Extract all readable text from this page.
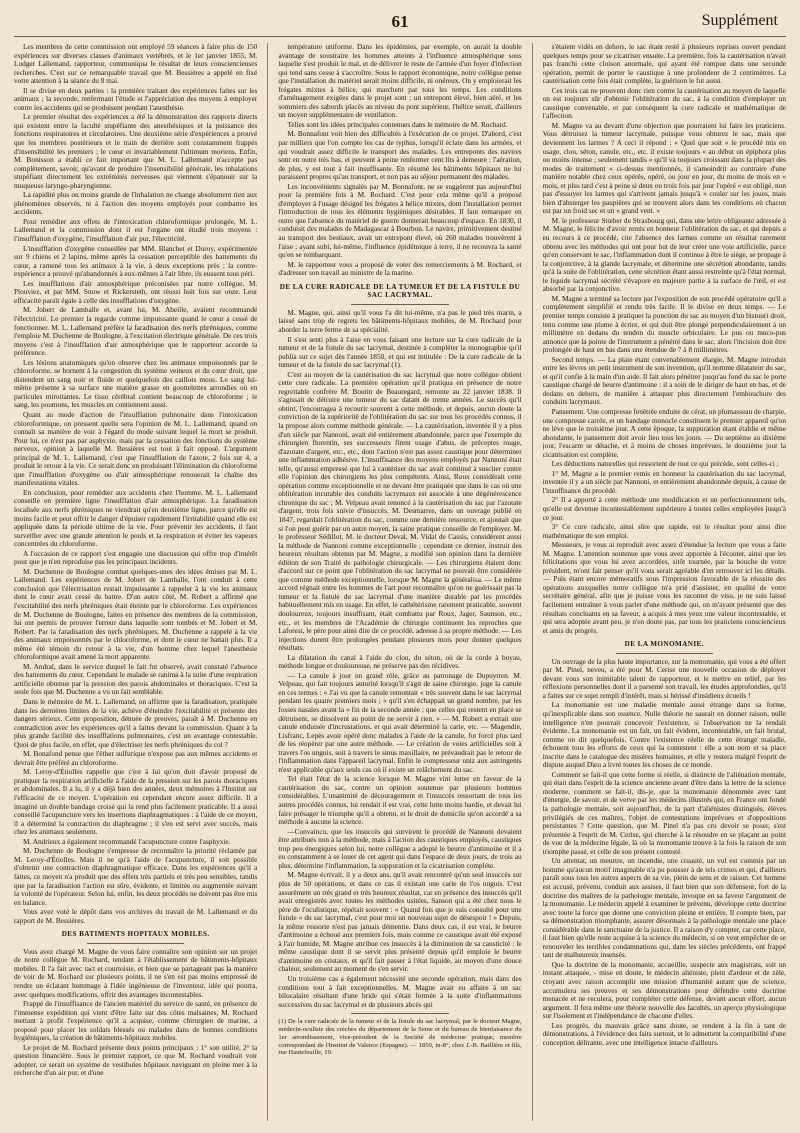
61	Supplément

Les membres de cette commission ont employé 59 séances à faire plus de 150 expériences sur diverses classes d'animaux vertébrés, et le 1er janvier 1855, M. Ludger Lallemand, rapporteur, communiqua le résultat de leurs consciencieuses recherches. C'est sur ce remarquable travail que M. Bessières a appelé en fixé votre attention à la séance du 8 mai.

Il se divise en deux parties : la première traitant des expériences faites sur les animaux ; la seconde, renfermant l'étude et l'appréciation des moyens à employer contre les accidents qui se produisent pendant l'anesthésie.

Le premier résultat des expériences a été la démonstration des rapports directs qui existent entre la faculté stupéfiante des anesthésiques et la puissance des fonctions respiratoires et circulatoires. Une deuxième série d'expériences a prouvé que les membres postérieurs et le train de derrière sont constamment frappés d'insensibilité les premiers ; le cœur et invariablement l'ultimum moriens. Enfin, M. Bonisson a établi ce fait important que M. L. Lallemand n'accepte pas complètement, savoir, qu'avant de produire l'insensibilité générale, les inhalations stupéfiant directement les extrémités nerveuses qui viennent s'épanouir sur la muqueuse laryngo-pharyngienne.

La rapidité plus ou moins grande de l'inhalation ne change absolument rien aux phénomènes observés, ni à l'action des moyens employés pour combattre les accidents.

Pour remédier aux effets de l'intoxication chloroformique prolongée, M. L. Lallemand et la commission dont il est l'organe ont étudié trois moyens : l'insufflation d'oxygène, l'insufflation d'air pur, l'électricité.

L'insufflation d'oxygène conseillée par MM. Blanchet et Duroy, expérimentée sur 9 chiens et 2 lapins, même après la cessation perceptible des battements du cœur, a ramené tous les animaux à la vie, à deux exceptions près ; la contre-expérience a prouvé qu'abandonnés à eux-mêmes à l'air libre, ils eussent tous péri.

Les insufflations d'air atmosphérique préconisées par notre collègue, M. Plouviez, et par MM. Snow et Rickersteth, ont réussi huit fois sur onze. Leur efficacité paraît égale à celle des insufflations d'oxygène.

M. Jobert de Lamballe et, avant lui, M. Abeille, avaient recommandé l'électricité. Le premier la regarde comme impuissante quand le cœur a cessé de fonctionner. M. L. Lallemand préfère la faradisation des nerfs phréniques, comme l'emploie M. Duchenne de Boulogne, à l'excitation électrique générale. De ces trois moyens c'est à l'insufflation d'air atmosphérique que le rapporteur accorde la préférence.

Les lésions anatomiques qu'on observe chez les animaux empoisonnés par le chloroforme, se bornent à la congestion du système veineux et du cœur droit, que distendent un sang noir et fluide et quelquefois des caillots mous. Le sang lui-même présente à sa surface une matière grasse en gouttelettes arrondies où en particules miroitantes. Le tissu cérébral contient beaucoup de chloroforme ; le sang, les poumons, les muscles en contiennent aussi.

Quant au mode d'action de l'insufflation pulmonaire dans l'intoxication chloroformique, on pressent quelle sera l'opinion de M. L. Lallemand, quand on connaît sa manière de voir à l'égard du mode suivant lequel la mort se produit. Pour lui, ce n'est pas par asphyxie, mais par la cessation des fonctions du système nerveux, opinion à laquelle M. Bessières est tout à fait opposé. L'argument principal de M. L. Lallemand, c'est que l'insufflation de l'azote, 2 fois sur 4, a produit le retour à la vie. Ce serait donc en produisant l'élimination du chloroforme que l'insufflation d'oxygène ou d'air atmosphérique renouerait la chaîne des manifestations vitales.

En conclusion, pour remédier aux accidents chez l'homme, M. L. Lallemand conseille en première ligne l'insufflation d'air atmosphérique. La faradisation localisée aux nerfs phréniques ne viendrait qu'en deuxième ligne, parce qu'elle est moins facile et peut offrir le danger d'épuiser rapidement l'irritabilité quand elle est appliquée dans la période ultime de la vie. Pour prévenir les accidents, il faut surveiller avec une grande attention le pouls et la respiration et éviter les vapeurs concentrées du chloroforme.

A l'occasion de ce rapport s'est engagée une discussion qui offre trop d'intérêt pour que je n'en reproduise pas les principaux incidents.

M. Duchenne de Boulogne combat quelques-unes des idées émises par M. L. Lallemand. Les expériences de M. Jobert de Lamballe, l'ont conduit à cette conclusion que l'électrisation restait impuissante à rappeler à la vie les animaux dont le cœur avait cessé de battre. D'un autre côté, M. Robert a affirmé que l'excitabilité des nerfs phréniques était éteinte par le chloroforme. Les expériences de M. Duchenne de Boulogne, faites en présence des membres de la commission, lui ont permis de prouver l'erreur dans laquelle sont tombés et M. Jobert et M. Robert. Par la faradisation des nerfs phréniques, M. Duchenne a rappelé à la vie des animaux empoisonnés par le chloroforme, et dont le cœur ne battait plus. Il a même été témoin du retour à la vie, d'un homme chez lequel l'anesthésie chloroformique avait amené la mort apparente.

M. Andral, dans le service duquel le fait fut observé, avait constaté l'absence des battements du cœur. Cependant le malade se ranima à la suite d'une respiration artificielle obtenue par la pression des parois abdominales et thoraciques. C'est la seule fois que M. Duchenne a vu un fait semblable.

Dans le mémoire de M. L. Lallemand, on affirme que la faradisation, pratiquée dans les dernières limites de la vie, achève d'éteindre l'excitabilité et présente des dangers sérieux. Cette proposition, dénuée de preuves, paraît à M. Duchenne en contradiction avec les expériences qu'il a faites devant la commission. Quant à la plus grande facilité des insufflations pulmonaires, c'est un avantage contestable. Quoi de plus facile, en effet, que d'électriser les nerfs phréniques du col ?

M. Bonafond pense que l'éther sulfurique n'expose pas aux mêmes accidents et devrait être préféré au chloroforme.

M. Leroy-d'Étiolles rappelle que c'est à lui qu'on doit d'avoir proposé de pratiquer la respiration artificielle à l'aide de la pression sur les parois thoraciques et abdominales. Il a lu, il y a déjà bien des années, deux mémoires à l'Institut sur l'efficacité de ce moyen. L'opération est cependant encore assez difficile. Il a imaginé un double bandage croisé qui la rend plus facilement praticable. Il a aussi conseillé l'acupuncture vers les insertions diaphragmatiques : à l'aide de ce moyen, il a déterminé la contraction du diaphragme ; il s'en est servi avec succès, mais chez les animaux seulement.

M. Andrieux a également recommandé l'acupuncture contre l'asphyxie.

M. Duchenne de Boulogne s'empresse de reconnaître la priorité réclamée par M. Leroy-d'Étiolles. Mais il ne qu'à l'aide de l'acupuncture, il soit possible d'obtenir une contraction diaphragmatique efficace. Dans les expériences qu'il a faites, ce moyen n'a produit que des effets très partiels et très peu sensibles, tandis que par la faradisation l'action est sûre, évidente, et limitée ou augmentée suivant la volonté de l'opérateur. Selon lui, enfin, les deux procédés ne doivent pas être mis en balance.

Vous avez voté le dépôt dans vos archives du travail de M. Lallemand et du rapport de M. Bessières.

DES BATIMENTS HOPITAUX MOBILES.

Vous avez chargé M. Magne de vous faire connaître son opinion sur un projet de notre collègue M. Rochard, tendant à l'établissement de bâtiments-hôpitaux mobiles. Il l'a fait avec tact et courtoisie, et bien que se partageant pas la manière de voir de M. Rochard sur plusieurs points, il ne s'en est pas moins empressé de rendre un éclatant hommage à l'idée ingénieuse de l'inventeur, idée qui pourra, avec quelques modifications, offrir des avantages incontestables.

Frappé de l'insuffisance de l'ancien matériel du service de santé, en présence de l'immense expédition qui vient d'être faite sur des côtes malsaines, M. Rochard mettant à profit l'expérience qu'il a acquise, comme chirurgien de marine, a proposé pour placer les soldats blessés ou malades dans de bonnes conditions hygiéniques, la création de bâtiments-hôpitaux mobiles.

Le projet de M. Rochard présente deux points principaux : 1° son utilité, 2° la question financière. Sous le premier rapport, ce que M. Rochard voudrait voir adopter, ce serait un système de vestibules hôpitaux naviguant en pleine mer à la recherche d'un air pur, et d'une

température uniforme. Dans les épidémies, par exemple, on aurait la double avantage de soustraire les hommes atteints à l'influence atmosphérique sous laquelle s'est produit le mal, et de délivrer le reste de l'armée d'un foyer d'infection qui tend sans cesse à s'accroître. Sous le rapport économique, notre collègue pense que l'installation du matériel serait moins difficile, ni onéreux. On y emploierait les frégates mixtes à hélice, qui marchent par tous les temps. Les conditions d'aménagement exigées dans le projet sont : un entrepont élevé, bien aéré, et les sommiers des sabords placés au niveau du pont supérieur, l'hélice serait, d'ailleurs un moyen supplémentaire de ventilation.

Telles sont les idées principales contenues dans le mémoire de M. Rochard.

M. Bonnafont voit bien des difficultés à l'exécution de ce projet. D'abord, c'est par milliers que l'on compte les cas de typhus, lorsqu'il éclate dans les armées, et qui voudrait assez difficile le transport des malades. Les entreponts des navires sont en outre très bas, et peuvent à peine renfermer cent lits à demeure : l'aération, de plus, y est tout à fait insuffisante. En résumé les bâtiments hôpitaux ne lui paraissent propres qu'au transport, et non pas au séjour permanent des malades.

Les inconvénients signalés par M. Bonnafont, ne se suggèrent pas aujourd'hui pour la première fois à M. Rochard. C'est pour cela même qu'il a proposé d'employer à l'usage désigné les frégates à hélice mixtes, dont l'installation permet l'introduction de tous les éléments hygiéniques désirables. Il faut remarquer en outre que l'absence du matériel de guerre donnerait beaucoup d'espace. En 1830, il conduisit des malades de Madagascar à Bourbon. Le navire, primitivement destiné au transport des bestiaux, avait un entrepont élevé, où 260 malades trouvèrent à l'aise ; ayant subi, lui-même, l'influence épidémique à terre, il ne recouvra la santé qu'en se rembarquant.

M. le rapporteur vous a proposé de voter des remerciements à M. Rochard, et d'adresser son travail au ministre de la marine.

DE LA CURE RADICALE DE LA TUMEUR ET DE LA FISTULE DU SAC LACRYMAL.

M. Magne, qui, ainsi qu'il vous l'a dit lui-même, n'a pas le pied très marin, a laissé sans trop de regrets les bâtiments-hôpitaux mobiles, de M. Rochard pour aborder la terre ferme de sa spécialité.

Il s'est senti plus à l'aise en vous faisant une lecture sur la cure radicale de la tumeur et de la fistule du sac lacrymal, destinée à compléter la monographie qu'il publia sur ce sujet dès l'année 1850, et qui est intitulée : De la cure radicale de la tumeur et de la fistule du sac lacrymal (1).

C'est au moyen de la cautérisation du sac lacrymal que notre collègue obtient cette cure radicale. La première opération qu'il pratiqua en présence de notre regrettable confrère M. Boutin de Beauregard, remonte au 22 janvier 1838. Il s'agissait de détruire une tumeur du sac datant de trente années. Le succès qu'il obtint, l'encouragea à recourir souvent à cette méthode, et depuis, aucun doute la conviction de la supériorité de l'oblitération du sac sur tous les procédés connus, il la propose alors comme méthode générale. — La cautérisation, inventée il y a plus d'un siècle par Nannoni, avait été entièrement abandonnée, parce que l'exemple du chirurgien florentin, ses successeurs firent usage d'abus, de préceptes rouge, d'azotate d'argent, etc., etc., dont l'action n'est pas assez caustique pour déterminer une inflammation adhésive. L'insuffisance des moyens employés par Nannoni était telle, qu'aussi empressé que lui à cautériser du sac avait continué à susciter contre elle l'opinion des chirurgiens les plus compétents. Ainsi, Roux considérait cette opération comme exceptionnelle et ne devant être pratiquée que dans le cas où une oblitération incurable des conduits lacrymaux est associée à une dégénérescence chronique du sac ; M. Velpeau avait renoncé à la cautérisation du sac par l'azotate d'argent, trois fois suivie d'insuccès. M. Desmarres, dans un ouvrage publié en 1847, regardait l'oblitération du sac, comme une dernière ressource, et ajoutait que si l'on peut guérir par un autre moyen, la saine pratique conseille de l'employer. M. le professeur Sédillot, M. le docteur Deval, M. Vidal de Cassis, considèrent aussi la méthode de Nannoni comme exceptionnelle ; cependant ce dernier, instruit des heureux résultats obtenus par M. Magne, a modifié son opinion dans la dernière édition de son Traité de pathologie chirurgicale. — Les chirurgiens étaient donc d'accord sur ce point que l'oblitération du sac lacrymal ne pouvait être considérée que comme méthode exceptionnelle, lorsque M. Magne la généralisa. — Le même accord régnait entre les hommes de l'art pour reconnaître qu'on ne guérissait pas la tumeur et la fistule du sac lacrymal d'une manière durable par les procédés habituellement mis en usage. En effet, le cathétérisme rarement praticable, souvent douloureux, toujours insuffisant, était combattu par Roux, Jager, Saunson, etc., etc., et les membres de l'Académie de chirurgie continuent les reproches que Laforest, le père pour ainsi dire de ce procédé, adresse à sa propre méthode. — Les injections durent être prolongées pendant plusieurs mois pour donner quelques résultats.

La dilatation du canal à l'aide du clou, du séton, où de la corde à boyau, méthode longue et douloureuse, ne préserve pas des récidives.

— La canule à jour un grand rôle, grâce au patronage de Dupuytren. M. Velpeau, qui fait toujours autorité lorsqu'il s'agit de saine chirurgie, juge la canule en ces termes : « J'ai vu que la canule remontait « très souvent dans le sac lacrymal pendant les quatre premiers mois ; « qu'il s'en échappait un grand nombre, par les fosses nasales avant la « fin de la seconde année ; que celles qui restent en place se détruisent, se dissolvent au point de ne servir à rien. » — M. Robert a extrait une canule enduisée d'incrustations, et qui avait déterminé la carie, etc. — Magendie, Lisfranc, Lepès avoir opéré donc malades à l'aide de la canule, fut forcé plus tard de les réopérer par une autre méthode. — Le création de voies artificielles soit à travers l'os unguis, soit à travers le sinus maxillaire, ne prévaudrait pas le retour de l'inflammation dans l'appareil lacrymal. Enfin le compresseur uniz aux astringents n'est applicable qu'aux seuls cas où il existe un relâchement du sac.

Tel était l'état de la science lorsque M. Magne vint lutter en faveur de la cautérisation du sac, contre un opinion soutenue par plusieurs hommes considérables. L'unanimité de découragement et l'insuccès ressortant de tous les autres procédés connus, lui rendait il est vrai, cette lutte moins hardie, et devait lui faire présager le triomphe qu'il a obtenu, et le droit de domicile qu'on accordé a sa méthode à aucune la science.

—Convaincu, que les insuccès qui survirent le procédé de Nannoni devaient être attribués non à la méthode, mais à l'action des caustiques employés, caustiques trop peu énergiques selon lui, notre collègue a adopté le beurre d'antimoine et il a eu constamment à se louer de cet agent qui dans l'espace de deux jours, de trois au plus, détermine l'inflammation, la suppuration et la cicatrisation complète.

M. Magne écrivait, il y a deux ans, qu'il avait rencontré qu'un seul insuccès sur plus de 50 opérations, et dans ce cas il existait une carie de l'os unguis. C'est assurément un très grand et très heureux résultat, car en présence des insuccès qu'il avait enregistrés avec toutes les méthodes usitées, Sanson qui a été chez nous le père de l'oculistique, répétait souvent : « Quand fois que je suis consulté pour une fistule « du sac lacrymal, c'est pour moi un nouveau sujet de désespoir ! » Depuis, la même ressorte n'est pas jamais démentie. Dans deux cas, il est vrai, le beurre d'antimoine a échoué aux premiers fois, mais comme ce caustique avait été exposé à l'air humide, M. Magne attribue ces insuccès à la diminution de sa causticité : le même caustique dont il se servit plus présenté depuis qu'il emploie le beurre d'antimoine en cristaux, et qu'il fait passer à l'état liquide, au moyen d'une douce chaleur, seulement au moment de s'en servir.

Un troisième cas a également nécessité une seconde opération, mais dans des conditions tout à fait exceptionnelles. M. Magne avait eu affaire à un sac bilocalaire résultant d'une bride qui s'était formée à la suite d'inflammations successives du sac lacrymal et de plusieurs abcès qui

(1) De la cure radicale de la tumeur et de la fistule du sac lacrymal, par le docteur Magne, médecin-oculiste des crèches du département de la Seine et du bureau de bienfaisance du 1er arrondissement, vice-président de la Société de médecine pratique, membre correspondant de l'Institut de Valence (Espagne). — 1850, in-8°, chez J.-B. Baillière et fils, rue Hautefeuille, 19.

s'étaient vidés en dehors, le sac étant resté à plusieurs reprises ouvert pendant quelques temps pour se cicatriser ensuite. La première, fois la cautérisation n'avait pas franchi cette cloison anormale, qui ayant été rompue dans une seconde opération, permit de porter le caustique à une profondeur de 2 centimètres. La cautérisation cette fois était complète, la guérison le fut aussi.

Ces trois cas ne prouvent donc rien contre la cautérisation au moyen de laquelle on est toujours sûr d'obtenir l'oblitération du sac, à la condition d'employer un caustique convenable, et par conséquent la cure radicale et mathématique de l'affection.

M. Magne va au devant d'une objection que pourraient lui faire les praticiens. Vous détruisez la tumeur lacrymale, puisque vous obturez le sac, mais que deviennent les larmes ? A ceci il répond : « Quel que soit « le procédé mis en usage, clou, séton, canule, etc., etc. il existe toujours « au début un épiphora plus ou moins intense ; seulement tandis « qu'il va toujours croissant dans la plupart des modes de traitement « ci-dessus mentionnés, il s'amoindrit au contraire d'une manière notable chez ceux opérés, opéré, ou jour en jour, du moins de mois en « mois, et plus tard c'est à peine si deux ou trois fois par jour l'opéré « est obligé, non pas d'essuyer les larmes qui s'arrivent jamais jusqu'à « couler sur les joues, mais bien d'absterger les paupières qui se trouvent alors dans les conditions où chacun est par un froid sec et un « grand vent. »

M. le professeur Stœber de Strasbourg qui, dans une lettre obligeante adressée à M. Magne, le félicite d'avoir remis en honneur l'oblitération du sac, et qui depuis a eu recours à ce procédé, cite l'absence des larmes comme un résultat rarement obtenu avec les méthodes qui ont pour but de leur créer une voie artificielle, parce qu'en conservant le sac, l'inflammation dont il continue à être le siège, se propage à la conjonctive, à la glande lacrymale, et détermine une sécrétion abondante, tandis qu'à la suite de l'oblitération, cette sécrétion étant aussi restreinte qu'à l'état normal, le liquide lacrymal sécrété s'évapore en majeure partie à la surface de l'œil, et est absorbé par la conjonctive.

M. Magne a terminé sa lecture par l'exposition de son procédé opératoire qu'il a complètement simplifié et rendu très facile. Il le divise en deux temps. — Le premier temps consiste à pratiquer la ponction du sac au moyen d'un bistouri droit, tenu comme une plume à écrire, et qui doit être plongé perpendiculairement à un millimètre en dedans du tendon du muscle orbiculaire. Le pus ou muco-pus annonce que la pointe de l'instrument a pénétré dans le sac, alors l'incision doit être prolongée de haut en bas dans une étendue de 7 à 8 millimètres.

Second temps. — La plaie étant convenablement élargie, M. Magne introduit entre les lèvres un petit instrument de son invention, qu'il nomme dilatateur du sac, et qu'il confie à la main d'un aide. Il fait alors pénétrer jusqu'au fond du sac le porte caustique chargé de beurre d'antimoine : il a soin de le diriger de haut en bas, et de dedans en dehors, de manière à attaquer plus directement l'embouchure des conduits lacrymaux.

Pansement. Une compresse fenêtrée enduite de cérat, un plumasseau de charpie, une compresse carrée, et un bandage monocle constituent le premier appareil qu'on ne lève que le troisième jour. A cette époque, la suppuration étant établie et même abondante, le pansement doit avoir lieu tous les jours. — Du septième au dixième jour, l'escarre se détache, et à moins de choses imprévues, le douzième jour la cicatrisation est complète.

Les déductions naturelles qui ressortent de tout ce qui précède, sont celles-ci :

1° M. Magne a le premier remis en honneur la cautérisation du sac lacrymal, inventée il y a un siècle par Nannoni, et entièrement abandonnée depuis, à cause de l'insuffisance du procédé.

2° Il a apporté à cette méthode une modification et un perfectionnement tels, qu'elle est devenue incontestablement supérieure à toutes celles employées jusqu'à ce jour.

3° Ce cure radicale, ainsi sûre que rapide, est le résultat pour ainsi dire mathématique de son emploi.

Messieurs, je vous ai reproduit avec assez d'étendue la lecture que vous a faite M. Magne. L'attention soutenue que vous avez apportée à l'écouter, ainsi que les félicitations que vous lui avez accordées, sitôt tournée, par la bouche de votre président, m'ont fait penser qu'il vous serait agréable d'en retrouver ici les détails. — Puis étant encore mémoratifs sous l'impression favorable de la réussite des opérations auxquelles notre collègue m'a prié d'assister, en qualité de votre secrétaire général, afin que je puisse vous les raconter de visu, je ne suis laissé facilement entraîner à vous parler d'une méthode qui, on m'ayant présenté que des résultats concluants en sa faveur, a acquis à mes yeux une valeur incontestable, et qui sera adoptée avant peu, je n'en doute pas, par tous les praticiens consciencieux et amis du progrès.

DE LA MONOMANIE.

Un ouvrage de la plus haute importance, sur la monomanie, qui vous a été offert par M. Pinel, neveu, a été pour M. Cerise une nouvelle occasion de déployer devant vous son inimitable talent de rapporteur, et le mettre en relief, par les réflexions personnelles dont il a parsemé son travail, les études approfondies, qu'il a faites sur ce sujet rempli d'intérêt, mais si hérissé d'insidieux écueils !

La monomanie est une maladie mentale aussi étrange dans sa forme, qu'inexplicable dans son essence. Nulle théorie ne saurait en donner raison, nulle intelligence n'en pourrait concevoir l'existence, si l'observation ne la rendait évidente. La monomanie est un fait, un fait évident, incontestable, un fait brutal, comme on dit quelquefois. Contre l'existence réelle de cette étrange maladie, échouent tous les efforts de ceux qui la contestent : elle a son nom et sa place inscrite dans le catalogue des misères humaines, et elle y restera malgré l'esprit de dispute auquel Dieu a livré toutes les choses de ce monde.

Comment se fait-il que cette forme si réelle, si distincte de l'aliénation mentale, qui était dans l'esprit de la science ancienne avant d'être dans la lettre de la science moderne, comment se fait-il, dis-je, que la monomanie dénommée avec tant d'énergie, de savoir, et de verve par les médecins illustrés qui, en France ont fondé la pathologie mentale, soit aujourd'hui, de la part d'aliénistes distingués, élèves privilégiés de ces maîtres, l'objet de contestations imprévues et d'oppositions persistantes ? Cette question, que M. Pinel n'a pas cru devoir se poser, s'est présentée à l'esprit de M. Cerise, qui cherche à la résoudre en se plaçant au point de vue de la médecine légale, là où la monomanie trouve à la fois la raison de son triomphe passé, et celle de son présent contesté.

Un attentat, un meurtre, un incendie, une cruauté, un vol est commis par un homme qu'aucun motif imaginable n'a pu pousser à de tels crimes et qui, d'ailleurs paraît sous tous les autres aspects de sa vie, plein de sens et de raison. Cet homme est accusé, prévenu, conduit aux assises, il faut bien que son défenseur, fort de la doctrine des maîtres de la pathologie mentale, invoque en sa faveur l'argument de la monomanie. Le médecin appelé à examiner le prévenu, développe cette doctrine avec toute la force que donne une conviction pleine et entière. Il compte bien, par sa démonstration triomphante, assurer désormais à la pathologie mentale une place considérable dans le sanctuaire de la justice. Il a raison d'y compter, car cette place, il faut bien qu'elle reste acquise à la science du médecin, si on veut empêcher de se renouveler les terribles condamnations qui, dans les siècles précédents, ont frappé tant de malheureux insensés.

Que la doctrine de la monomanie, accueillie, suspecte aux magistrats, soit un instant attaquée, - mise en doute, le médecin aliéniste, plein d'ardeur et de zèle, croyant avec raison accomplir une mission d'humanité autant que de science, accumulera ses preuves et ses démonstrations pour défendre cette doctrine menacée et ne reculera, pour compléter cette défense, devant aucun effort, aucun argument. Il fera même une théorie nouvelle des facultés, un aperçu physiologique sur l'isolement et l'indépendance de chacune d'elles.

Les progrès, du mauvais grâce sans doute, se rendent à la fin à tant de démonstrations, à l'évidence des faits surtout, et le admettent la compatibilité d'une conception délirante, avec une intelligence intacte d'ailleurs.
